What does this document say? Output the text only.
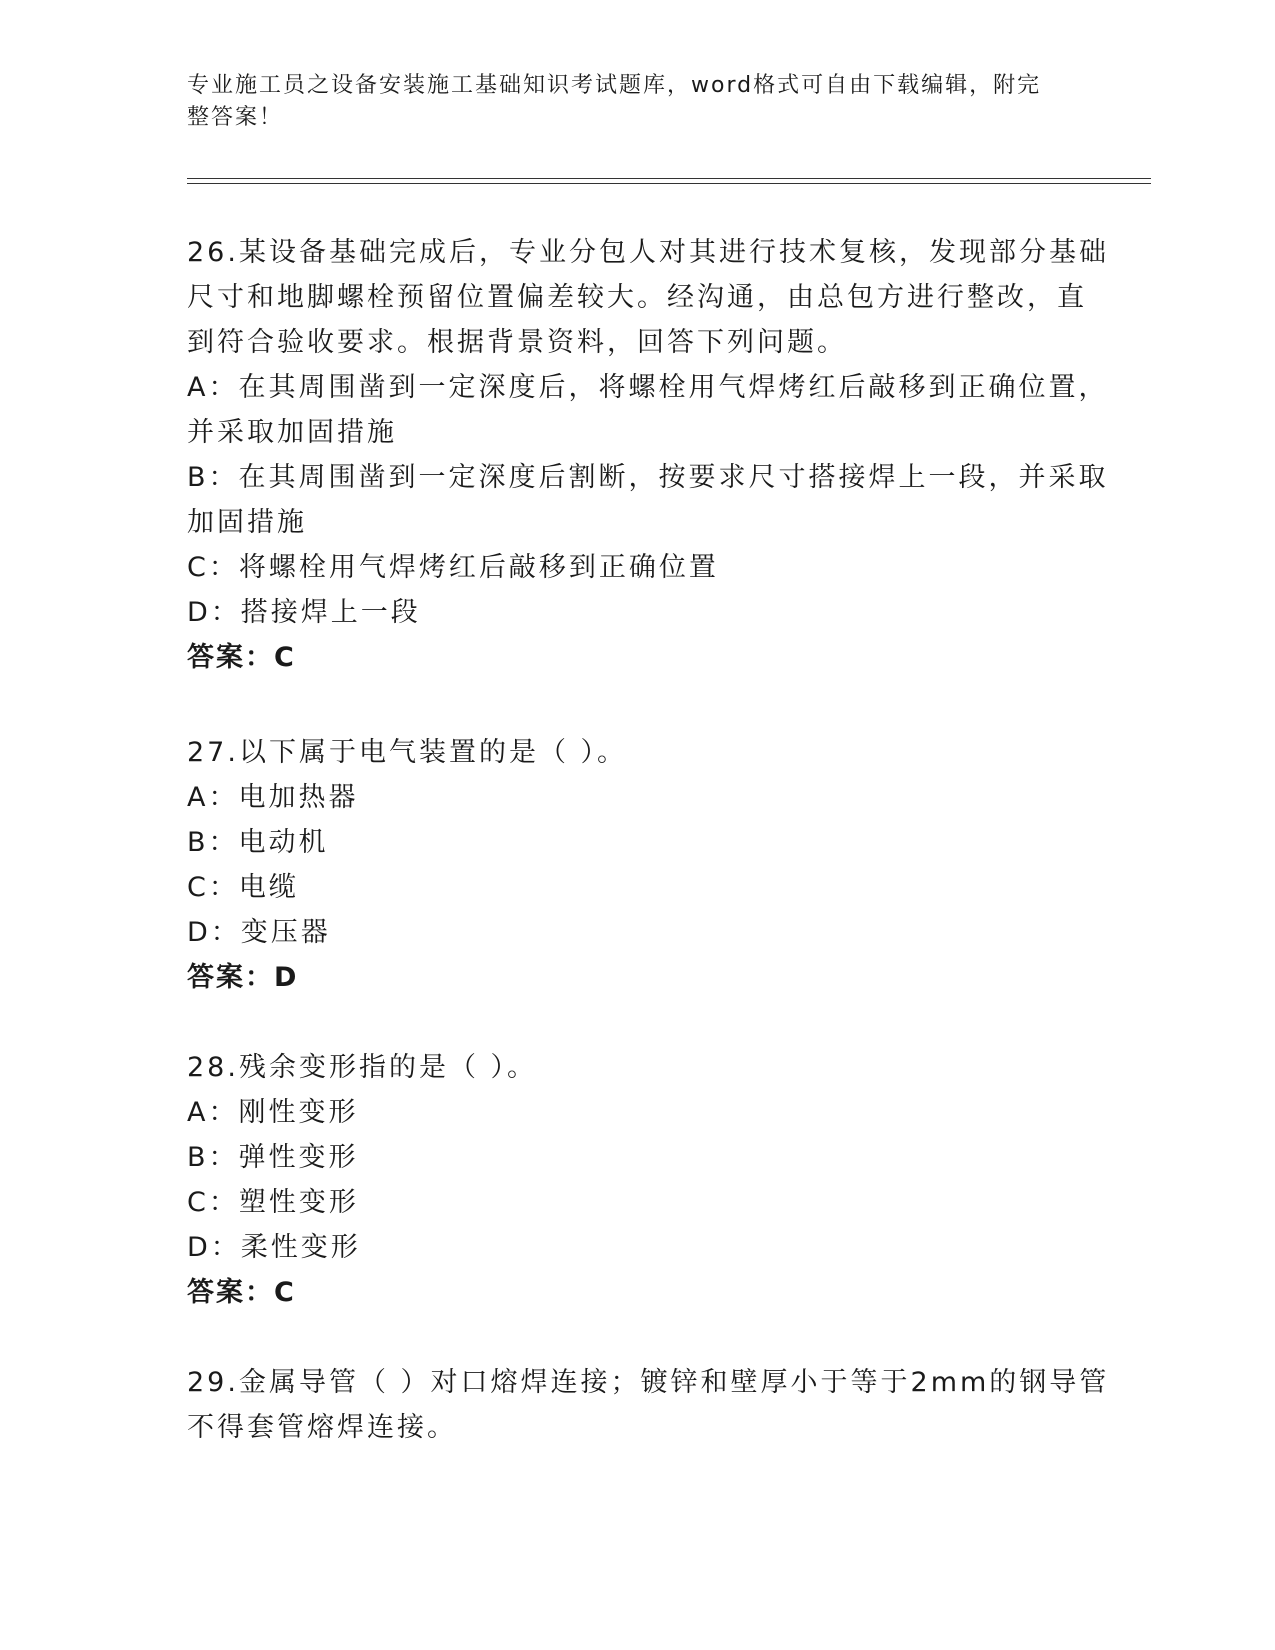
专业施工员之设备安装施工基础知识考试题库，word格式可自由下载编辑，附完
整答案！
26.某设备基础完成后，专业分包人对其进行技术复核，发现部分基础
尺寸和地脚螺栓预留位置偏差较大。经沟通，由总包方进行整改，直
到符合验收要求。根据背景资料，回答下列问题。
A：在其周围凿到一定深度后，将螺栓用气焊烤红后敲移到正确位置，
并采取加固措施
B：在其周围凿到一定深度后割断，按要求尺寸搭接焊上一段，并采取
加固措施
C：将螺栓用气焊烤红后敲移到正确位置
D：搭接焊上一段
答案：C
27.以下属于电气装置的是（ ）。
A：电加热器
B：电动机
C：电缆
D：变压器
答案：D
28.残余变形指的是（ ）。
A：刚性变形
B：弹性变形
C：塑性变形
D：柔性变形
答案：C
29.金属导管（ ）对口熔焊连接；镀锌和壁厚小于等于2mm的钢导管
不得套管熔焊连接。
